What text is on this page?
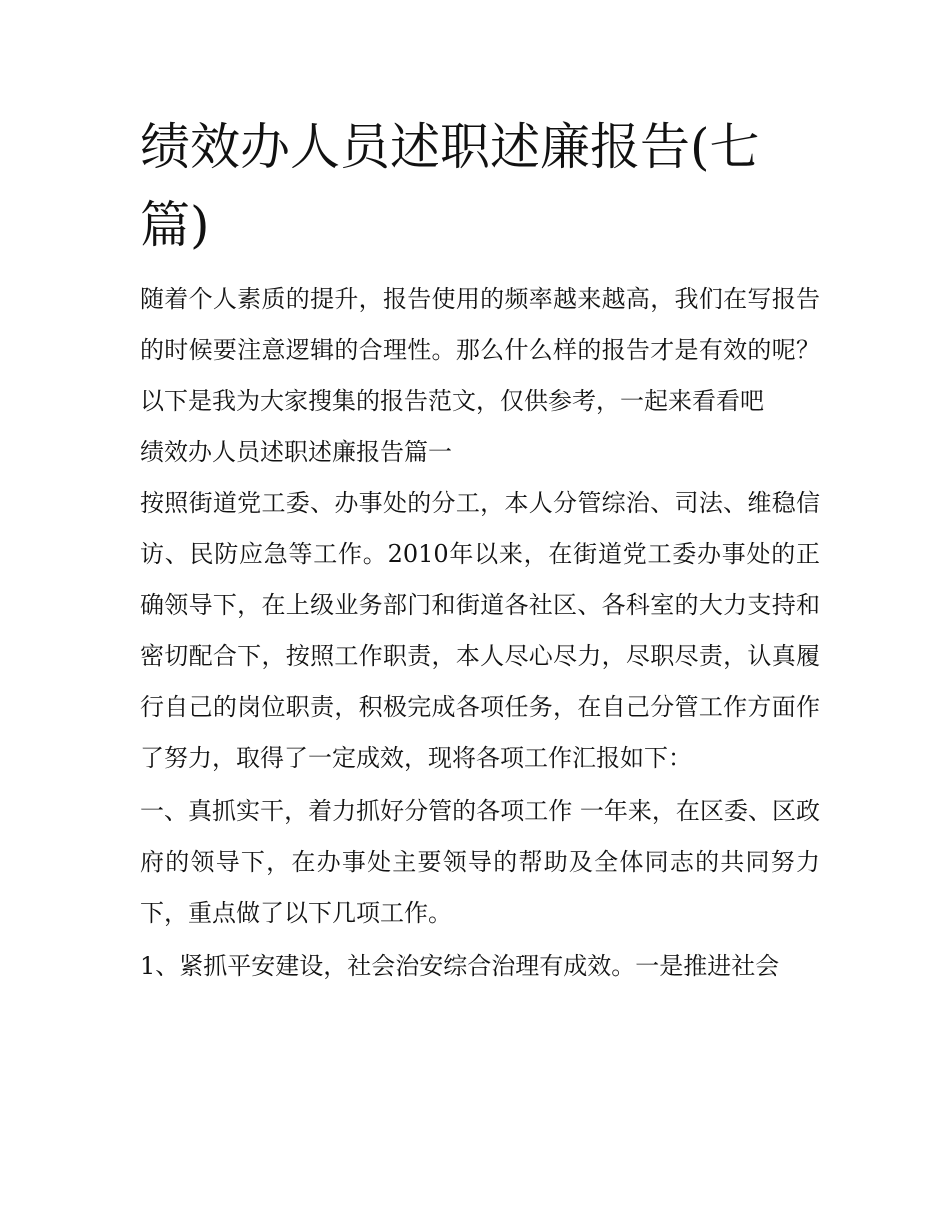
绩效办人员述职述廉报告(七篇)

随着个人素质的提升，报告使用的频率越来越高，我们在写报告的时候要注意逻辑的合理性。那么什么样的报告才是有效的呢？以下是我为大家搜集的报告范文，仅供参考，一起来看看吧

绩效办人员述职述廉报告篇一

按照街道党工委、办事处的分工，本人分管综治、司法、维稳信访、民防应急等工作。2010年以来，在街道党工委办事处的正确领导下，在上级业务部门和街道各社区、各科室的大力支持和密切配合下，按照工作职责，本人尽心尽力，尽职尽责，认真履行自己的岗位职责，积极完成各项任务，在自己分管工作方面作了努力，取得了一定成效，现将各项工作汇报如下：

一、真抓实干，着力抓好分管的各项工作 一年来，在区委、区政府的领导下，在办事处主要领导的帮助及全体同志的共同努力下，重点做了以下几项工作。

1、紧抓平安建设，社会治安综合治理有成效。一是推进社会
